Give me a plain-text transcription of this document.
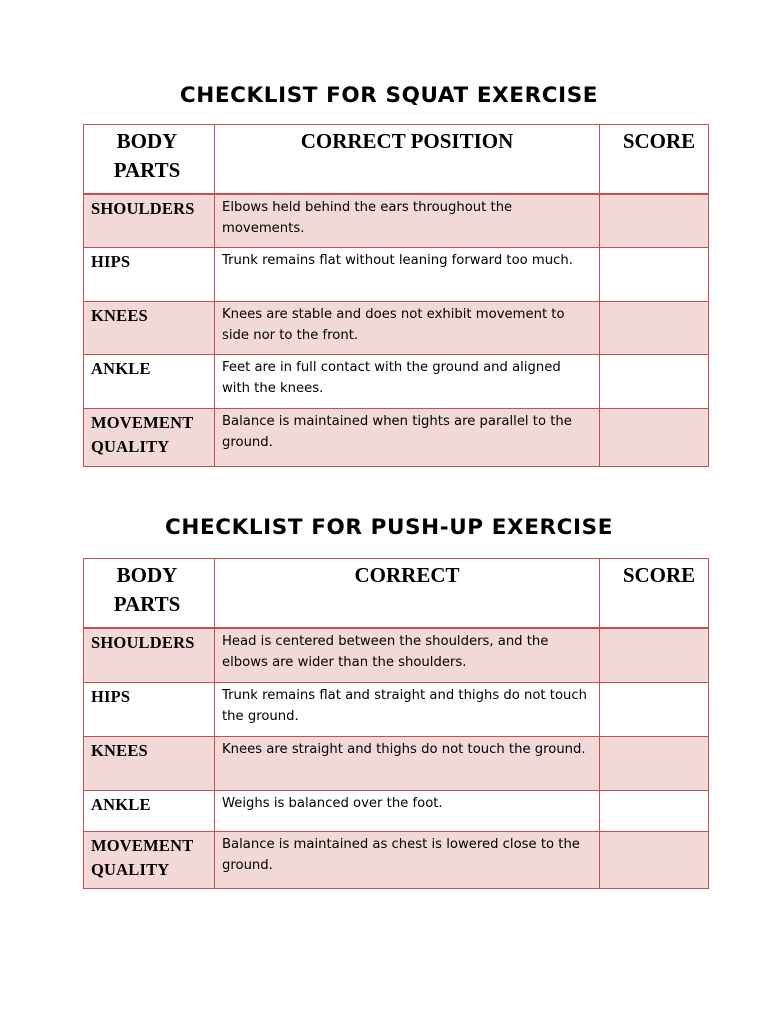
CHECKLIST FOR SQUAT EXERCISE
BODY PARTS	CORRECT POSITION	SCORE
SHOULDERS	Elbows held behind the ears throughout the movements.	
HIPS	Trunk remains flat without leaning forward too much.	
KNEES	Knees are stable and does not exhibit movement to side nor to the front.	
ANKLE	Feet are in full contact with the ground and aligned with the knees.	
MOVEMENT QUALITY	Balance is maintained when tights are parallel to the ground.	
CHECKLIST FOR PUSH-UP EXERCISE
BODY PARTS	CORRECT	SCORE
SHOULDERS	Head is centered between the shoulders, and the elbows are wider than the shoulders.	
HIPS	Trunk remains flat and straight and thighs do not touch the ground.	
KNEES	Knees are straight and thighs do not touch the ground.	
ANKLE	Weighs is balanced over the foot.	
MOVEMENT QUALITY	Balance is maintained as chest is lowered close to the ground.	
